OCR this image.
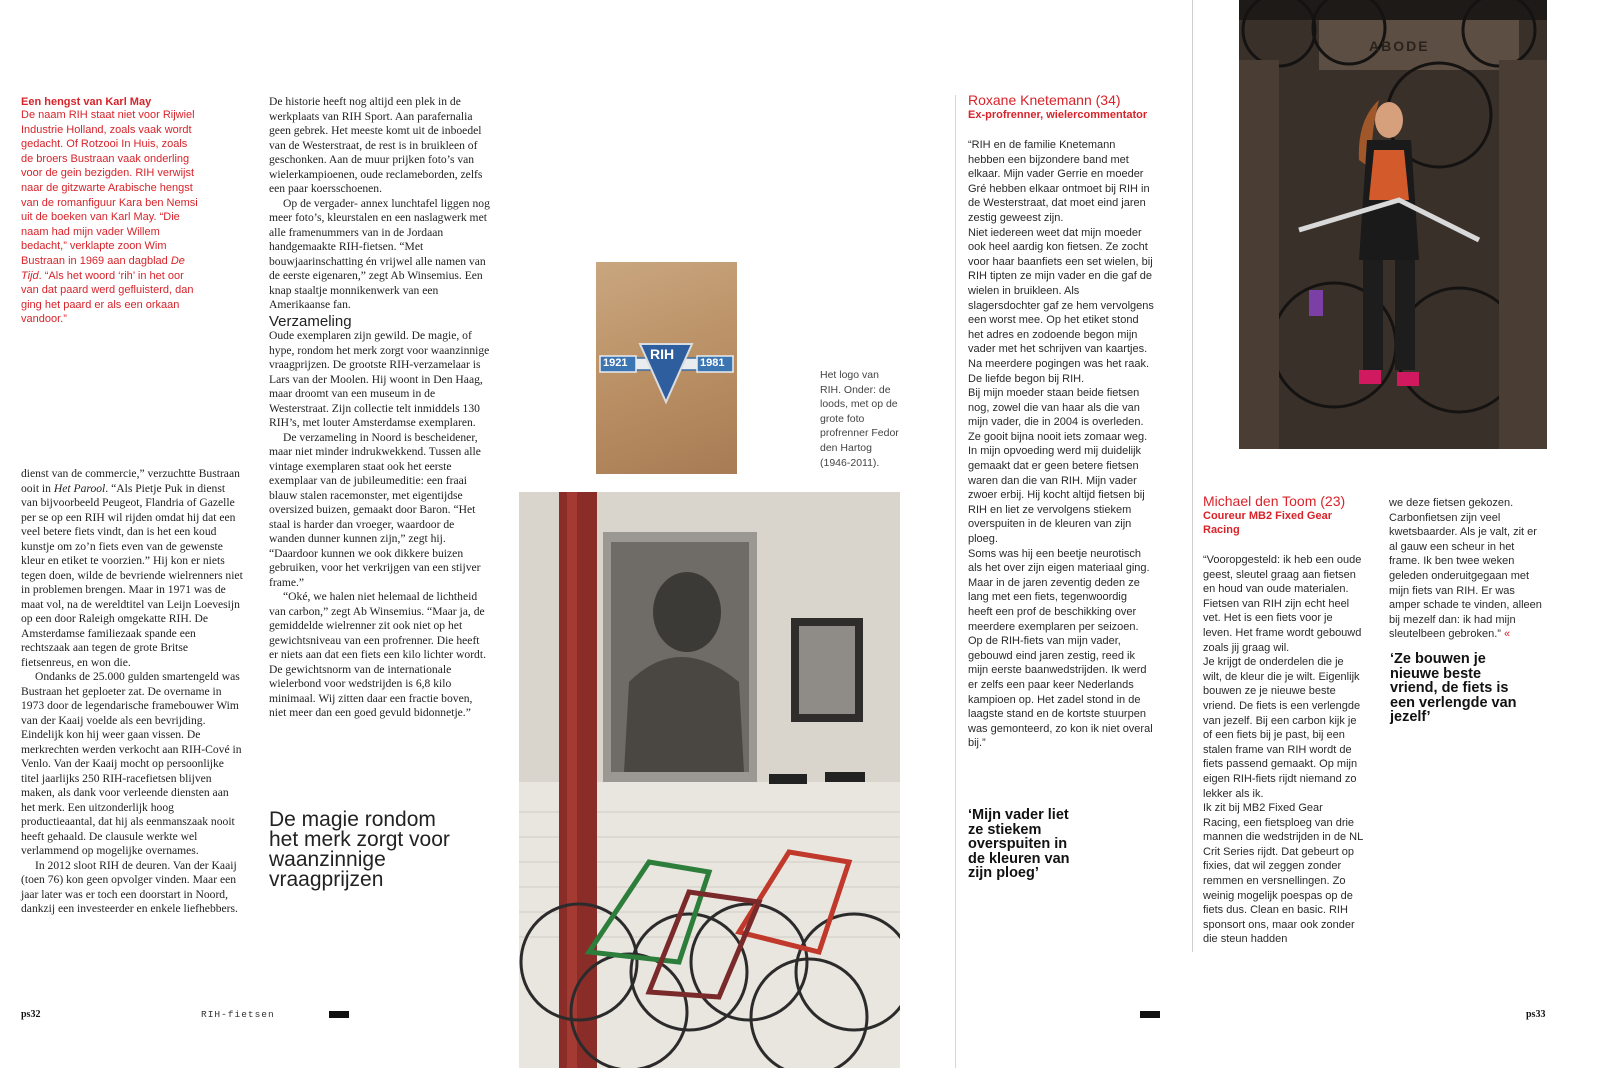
Een hengst van Karl May
De naam RIH staat niet voor Rijwiel Industrie Holland, zoals vaak wordt gedacht. Of Rotzooi In Huis, zoals de broers Bustraan vaak onderling voor de gein bezigden. RIH verwijst naar de gitzwarte Arabische hengst van de romanfiguur Kara ben Nemsi uit de boeken van Karl May. “Die naam had mijn vader Willem bedacht,” verklapte zoon Wim Bustraan in 1969 aan dagblad De Tijd. “Als het woord ‘rih’ in het oor van dat paard werd gefluisterd, dan ging het paard er als een orkaan vandoor.”

dienst van de commercie,” verzuchtte Bustraan ooit in Het Parool. “Als Pietje Puk in dienst van bijvoorbeeld Peugeot, Flandria of Gazelle per se op een RIH wil rijden omdat hij dat een veel betere fiets vindt, dan is het een koud kunstje om zo’n fiets even van de gewenste kleur en etiket te voorzien.” Hij kon er niets tegen doen, wilde de bevriende wielrenners niet in problemen brengen. Maar in 1971 was de maat vol, na de wereldtitel van Leijn Loevesijn op een door Raleigh omgekatte RIH. De Amsterdamse familiezaak spande een rechtszaak aan tegen de grote Britse fietsenreus, en won die.

Ondanks de 25.000 gulden smartengeld was Bustraan het geploeter zat. De overname in 1973 door de legendarische framebouwer Wim van der Kaaij voelde als een bevrijding. Eindelijk kon hij weer gaan vissen. De merkrechten werden verkocht aan RIH-Cové in Venlo. Van der Kaaij mocht op persoonlijke titel jaarlijks 250 RIH-racefietsen blijven maken, als dank voor verleende diensten aan het merk. Een uitzonderlijk hoog productieaantal, dat hij als eenmanszaak nooit heeft gehaald. De clausule werkte wel verlammend op mogelijke overnames.

In 2012 sloot RIH de deuren. Van der Kaaij (toen 76) kon geen opvolger vinden. Maar een jaar later was er toch een doorstart in Noord, dankzij een investeerder en enkele liefhebbers.

De historie heeft nog altijd een plek in de werkplaats van RIH Sport. Aan parafernalia geen gebrek. Het meeste komt uit de inboedel van de Westerstraat, de rest is in bruikleen of geschonken. Aan de muur prijken foto’s van wielerkampioenen, oude reclameborden, zelfs een paar koersschoenen.

Op de vergader- annex lunchtafel liggen nog meer foto’s, kleurstalen en een naslagwerk met alle framenummers van in de Jordaan handgemaakte RIH-fietsen. “Met bouwjaarinschatting én vrijwel alle namen van de eerste eigenaren,” zegt Ab Winsemius. Een knap staaltje monnikenwerk van een Amerikaanse fan.

Verzameling

Oude exemplaren zijn gewild. De magie, of hype, rondom het merk zorgt voor waanzinnige vraagprijzen. De grootste RIH-verzamelaar is Lars van der Moolen. Hij woont in Den Haag, maar droomt van een museum in de Westerstraat. Zijn collectie telt inmiddels 130 RIH’s, met louter Amsterdamse exemplaren.

De verzameling in Noord is bescheidener, maar niet minder indrukwekkend. Tussen alle vintage exemplaren staat ook het eerste exemplaar van de jubileumeditie: een fraai blauw stalen racemonster, met eigentijdse oversized buizen, gemaakt door Baron. “Het staal is harder dan vroeger, waardoor de wanden dunner kunnen zijn,” zegt hij. “Daardoor kunnen we ook dikkere buizen gebruiken, voor het verkrijgen van een stijver frame.”

“Oké, we halen niet helemaal de lichtheid van carbon,” zegt Ab Winsemius. “Maar ja, de gemiddelde wielrenner zit ook niet op het gewichtsniveau van een profrenner. Die heeft er niets aan dat een fiets een kilo lichter wordt. De gewichtsnorm van de internationale wielerbond voor wedstrijden is 6,8 kilo minimaal. Wij zitten daar een fractie boven, niet meer dan een goed gevuld bidonnetje.”

De magie rondom het merk zorgt voor waanzinnige vraagprijzen
1921
RIH
1981
Het logo van RIH. Onder: de loods, met op de grote foto profrenner Fedor den Hartog (1946-2011).
ps32	RIH-fietsen
Roxane Knetemann (34)
Ex-profrenner, wielercommentator

“RIH en de familie Knetemann hebben een bijzondere band met elkaar. Mijn vader Gerrie en moeder Gré hebben elkaar ontmoet bij RIH in de Westerstraat, dat moet eind jaren zestig geweest zijn.

Niet iedereen weet dat mijn moeder ook heel aardig kon fietsen. Ze zocht voor haar baanfiets een set wielen, bij RIH tipten ze mijn vader en die gaf de wielen in bruikleen. Als slagersdochter gaf ze hem vervolgens een worst mee. Op het etiket stond het adres en zodoende begon mijn vader met het schrijven van kaartjes. Na meerdere pogingen was het raak. De liefde begon bij RIH.

Bij mijn moeder staan beide fietsen nog, zowel die van haar als die van mijn vader, die in 2004 is overleden. Ze gooit bijna nooit iets zomaar weg.

In mijn opvoeding werd mij duidelijk gemaakt dat er geen betere fietsen waren dan die van RIH. Mijn vader zwoer erbij. Hij kocht altijd fietsen bij RIH en liet ze vervolgens stiekem overspuiten in de kleuren van zijn ploeg.

Soms was hij een beetje neurotisch als het over zijn eigen materiaal ging. Maar in de jaren zeventig deden ze lang met een fiets, tegenwoordig heeft een prof de beschikking over meerdere exemplaren per seizoen.

Op de RIH-fiets van mijn vader, gebouwd eind jaren zestig, reed ik mijn eerste baanwedstrijden. Ik werd er zelfs een paar keer Nederlands kampioen op. Het zadel stond in de laagste stand en de kortste stuurpen was gemonteerd, zo kon ik niet overal bij.”

‘Mijn vader liet ze stiekem overspuiten in de kleuren van zijn ploeg’
ABODE
Michael den Toom (23)
Coureur MB2 Fixed Gear Racing

“Vooropgesteld: ik heb een oude geest, sleutel graag aan fietsen en houd van oude materialen. Fietsen van RIH zijn echt heel vet. Het is een fiets voor je leven. Het frame wordt gebouwd zoals jij graag wil.

Je krijgt de onderdelen die je wilt, de kleur die je wilt. Eigenlijk bouwen ze je nieuwe beste vriend. De fiets is een verlengde van jezelf. Bij een carbon kijk je of een fiets bij je past, bij een stalen frame van RIH wordt de fiets passend gemaakt. Op mijn eigen RIH-fiets rijdt niemand zo lekker als ik.

Ik zit bij MB2 Fixed Gear Racing, een fietsploeg van drie mannen die wedstrijden in de NL Crit Series rijdt. Dat gebeurt op fixies, dat wil zeggen zonder remmen en versnellingen. Zo weinig mogelijk poespas op de fiets dus. Clean en basic. RIH sponsort ons, maar ook zonder die steun hadden

we deze fietsen gekozen. Carbonfietsen zijn veel kwetsbaarder. Als je valt, zit er al gauw een scheur in het frame. Ik ben twee weken geleden onderuitgegaan met mijn fiets van RIH. Er was amper schade te vinden, alleen bij mezelf dan: ik had mijn sleutelbeen gebroken.” «

‘Ze bouwen je nieuwe beste vriend, de fiets is een verlengde van jezelf’
ps33
